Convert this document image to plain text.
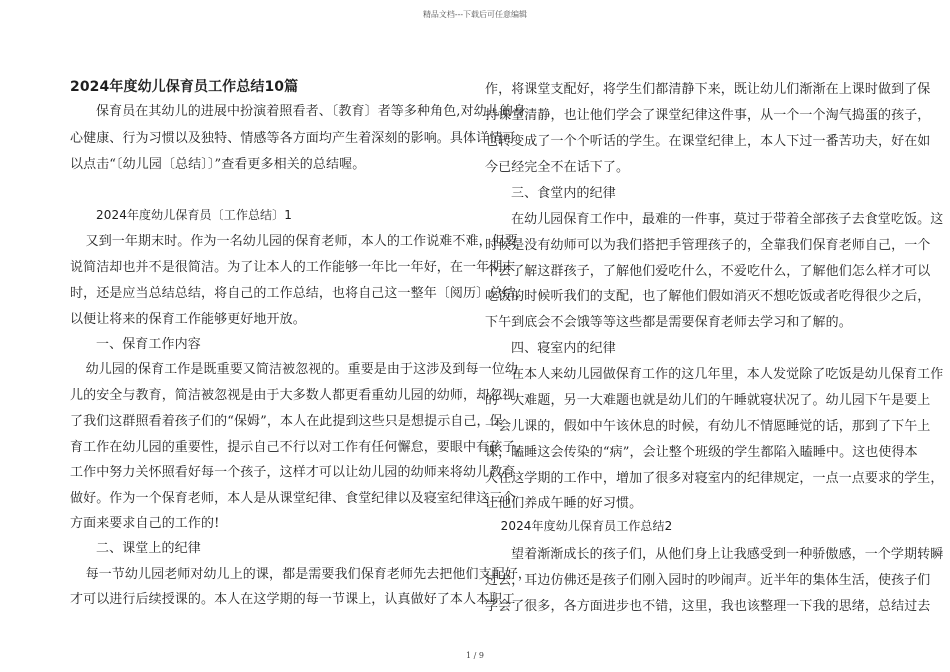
精品文档---下载后可任意编辑
2024年度幼儿保育员工作总结10篇
保育员在其幼儿的进展中扮演着照看者、〔教育〕者等多种角色,对幼儿的身
心健康、行为习惯以及独特、情感等各方面均产生着深刻的影响。具体详情可
以点击“〔幼儿园〔总结〕〕”查看更多相关的总结喔。
2024年度幼儿保育员〔工作总结〕1
又到一年期末时。作为一名幼儿园的保育老师，本人的工作说难不难，但要
说简洁却也并不是很简洁。为了让本人的工作能够一年比一年好，在一年期末
时，还是应当总结总结，将自己的工作总结，也将自己这一整年〔阅历〕总结，
以便让将来的保育工作能够更好地开放。
一、保育工作内容
幼儿园的保育工作是既重要又简洁被忽视的。重要是由于这涉及到每一位幼
儿的安全与教育，简洁被忽视是由于大多数人都更看重幼儿园的幼师，却忽视
了我们这群照看着孩子们的“保姆”，本人在此提到这些只是想提示自己，保
育工作在幼儿园的重要性，提示自己不行以对工作有任何懈怠，要眼中有孩子，
工作中努力关怀照看好每一个孩子，这样才可以让幼儿园的幼师来将幼儿教育
做好。作为一个保育老师，本人是从课堂纪律、食堂纪律以及寝室纪律这三个
方面来要求自己的工作的!
二、课堂上的纪律
每一节幼儿园老师对幼儿上的课，都是需要我们保育老师先去把他们支配好，
才可以进行后续授课的。本人在这学期的每一节课上，认真做好了本人本职工
作，将课堂支配好，将学生们都清静下来，既让幼儿们渐渐在上课时做到了保
持课堂清静，也让他们学会了课堂纪律这件事，从一个一个淘气捣蛋的孩子，
也转变成了一个个听话的学生。在课堂纪律上，本人下过一番苦功夫，好在如
今已经完全不在话下了。
三、食堂内的纪律
在幼儿园保育工作中，最难的一件事，莫过于带着全部孩子去食堂吃饭。这
时候是没有幼师可以为我们搭把手管理孩子的，全靠我们保育老师自己，一个
个去了解这群孩子，了解他们爱吃什么，不爱吃什么，了解他们怎么样才可以
吃饭的时候听我们的支配，也了解他们假如消灭不想吃饭或者吃得很少之后，
下午到底会不会饿等等这些都是需要保育老师去学习和了解的。
四、寝室内的纪律
在本人来幼儿园做保育工作的这几年里，本人发觉除了吃饭是幼儿保育工作
的一大难题，另一大难题也就是幼儿们的午睡就寝状况了。幼儿园下午是要上
一会儿课的，假如中午该休息的时候，有幼儿不情愿睡觉的话，那到了下午上
课，瞌睡这会传染的“病”，会让整个班级的学生都陷入瞌睡中。这也使得本
人在这学期的工作中，增加了很多对寝室内的纪律规定，一点一点要求的学生，
让他们养成午睡的好习惯。
2024年度幼儿保育员工作总结2
望着渐渐成长的孩子们，从他们身上让我感受到一种骄傲感，一个学期转瞬
过去，耳边仿佛还是孩子们刚入园时的吵闹声。近半年的集体生活，使孩子们
学会了很多，各方面进步也不错，这里，我也该整理一下我的思绪，总结过去
1 / 9
